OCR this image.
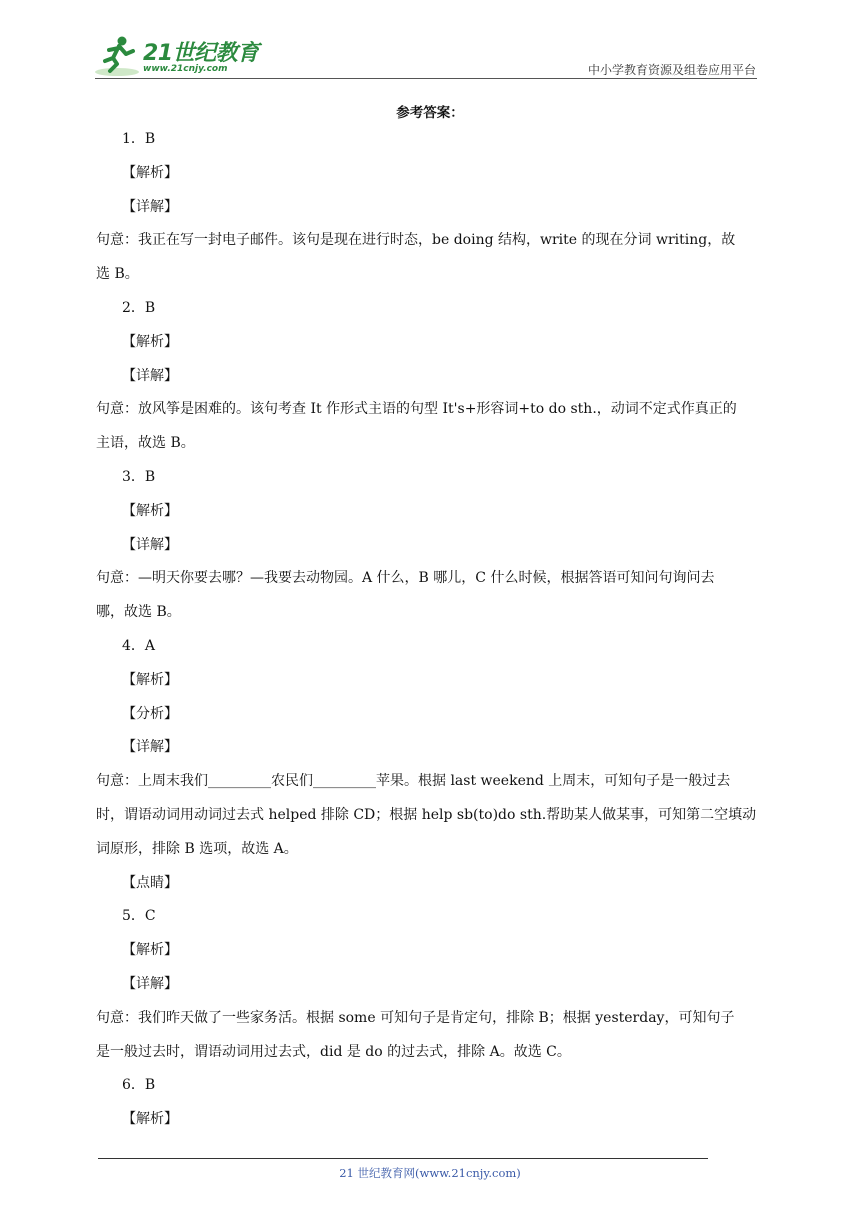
21世纪教育
www.21cnjy.com	中小学教育资源及组卷应用平台
参考答案：
1．B
【解析】
【详解】
句意：我正在写一封电子邮件。该句是现在进行时态，be doing 结构，write 的现在分词 writing，故
选 B。
2．B
【解析】
【详解】
句意：放风筝是困难的。该句考查 It 作形式主语的句型 It's+形容词+to do sth.，动词不定式作真正的
主语，故选 B。
3．B
【解析】
【详解】
句意：—明天你要去哪？—我要去动物园。A 什么，B 哪儿，C 什么时候，根据答语可知问句询问去
哪，故选 B。
4．A
【解析】
【分析】
【详解】
句意：上周末我们_________农民们_________苹果。根据 last weekend 上周末，可知句子是一般过去
时，谓语动词用动词过去式 helped 排除 CD；根据 help sb(to)do sth.帮助某人做某事，可知第二空填动
词原形，排除 B 选项，故选 A。
【点睛】
5．C
【解析】
【详解】
句意：我们昨天做了一些家务活。根据 some 可知句子是肯定句，排除 B；根据 yesterday，可知句子
是一般过去时，谓语动词用过去式，did 是 do 的过去式，排除 A。故选 C。
6．B
【解析】
21 世纪教育网(www.21cnjy.com)
